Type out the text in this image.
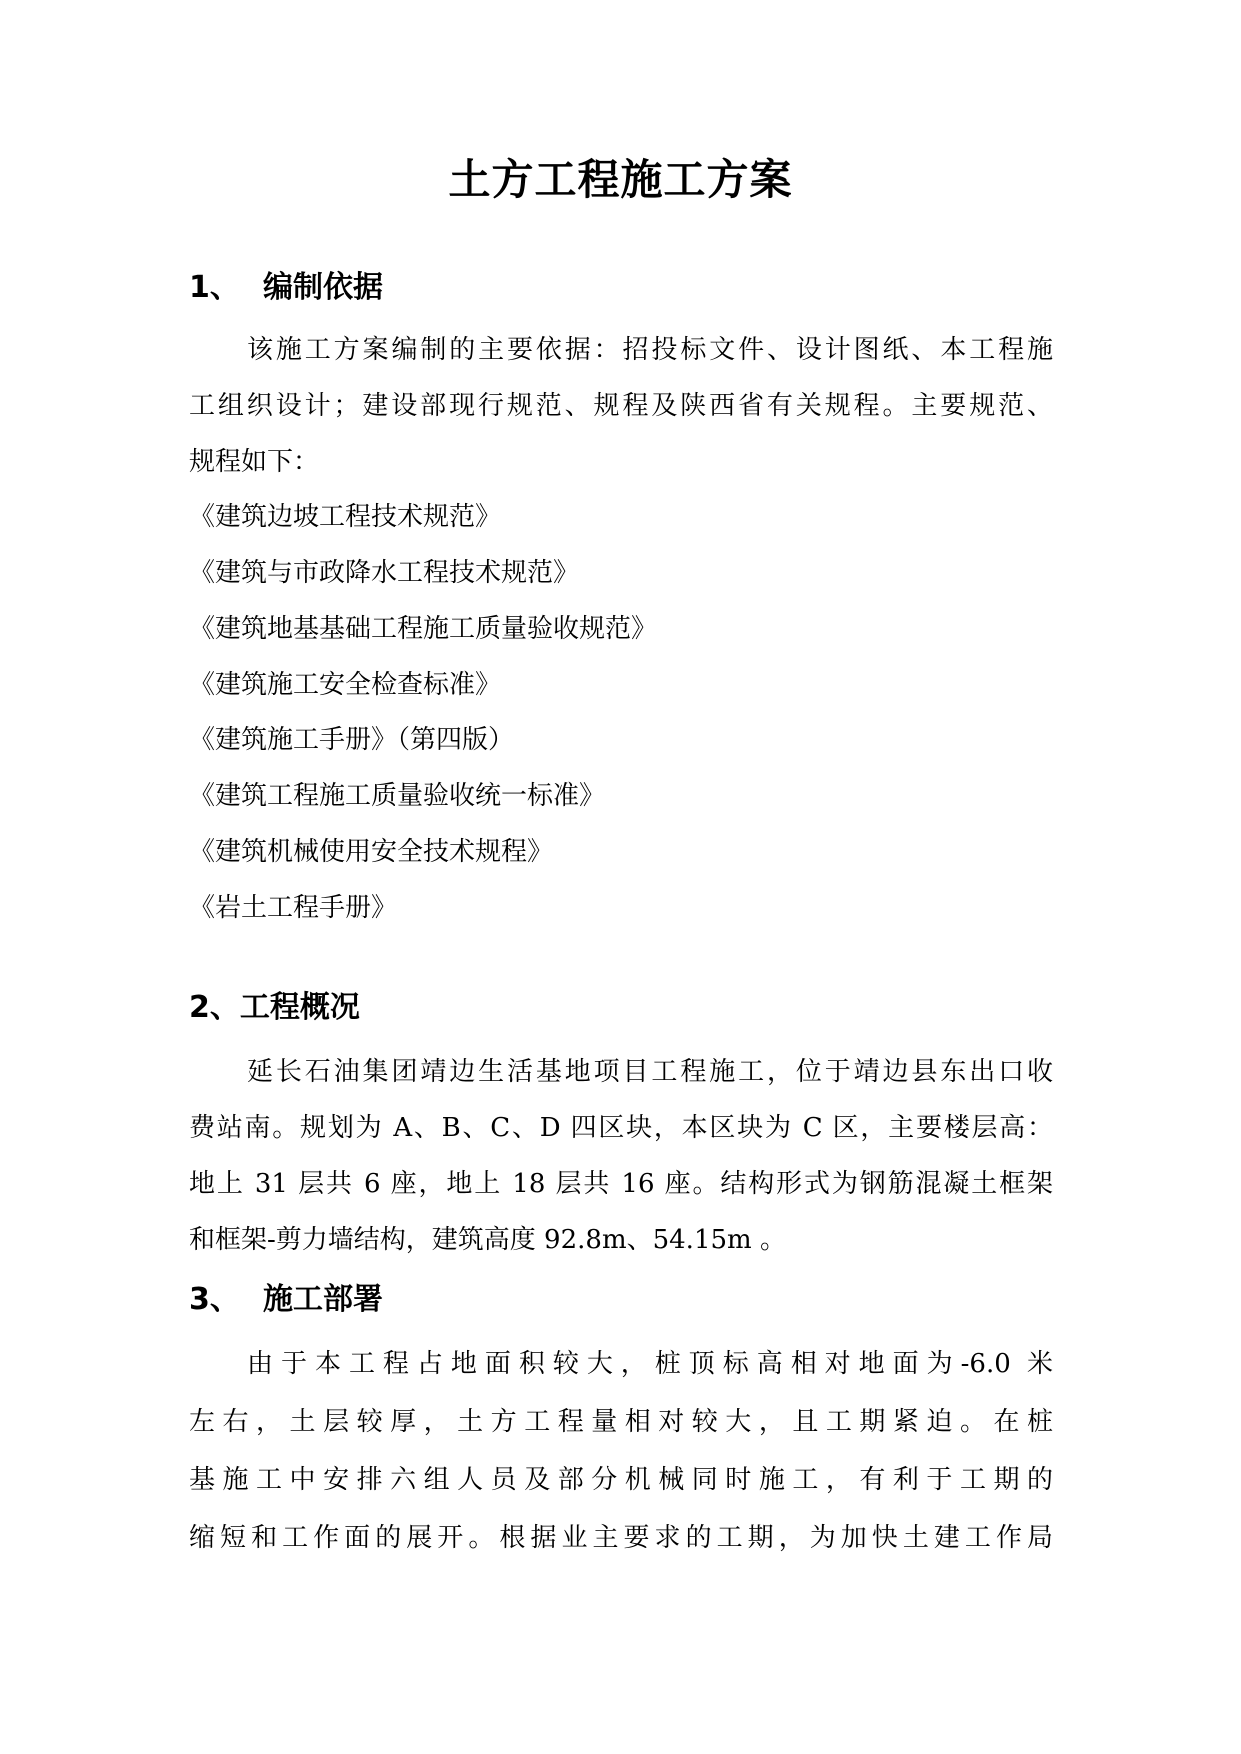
土方工程施工方案
1、 编制依据
该施工方案编制的主要依据：招投标文件、设计图纸、本工程施
工组织设计；建设部现行规范、规程及陕西省有关规程。主要规范、
规程如下：
《建筑边坡工程技术规范》
《建筑与市政降水工程技术规范》
《建筑地基基础工程施工质量验收规范》
《建筑施工安全检查标准》
《建筑施工手册》（第四版）
《建筑工程施工质量验收统一标准》
《建筑机械使用安全技术规程》
《岩土工程手册》
2、工程概况
延长石油集团靖边生活基地项目工程施工，位于靖边县东出口收
费站南。规划为 A、B、C、D 四区块，本区块为 C 区，主要楼层高：
地上 31 层共 6 座，地上 18 层共 16 座。结构形式为钢筋混凝土框架
和框架-剪力墙结构，建筑高度 92.8m、54.15m 。
3、 施工部署
由于本工程占地面积较大，桩顶标高相对地面为-6.0 米
左右，土层较厚，土方工程量相对较大，且工期紧迫。在桩
基施工中安排六组人员及部分机械同时施工，有利于工期的
缩短和工作面的展开。根据业主要求的工期，为加快土建工作局
